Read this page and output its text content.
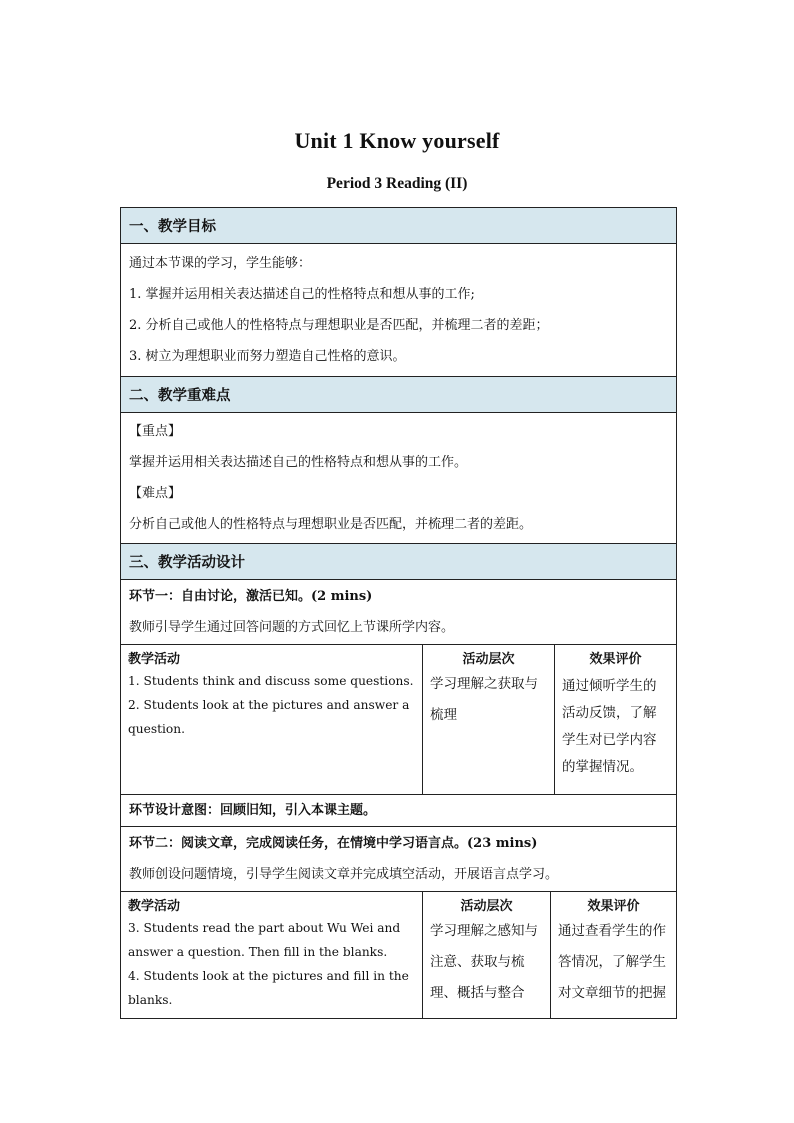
Unit 1 Know yourself
Period 3 Reading (II)
一、教学目标
通过本节课的学习，学生能够：
1. 掌握并运用相关表达描述自己的性格特点和想从事的工作;
2. 分析自己或他人的性格特点与理想职业是否匹配，并梳理二者的差距；
3. 树立为理想职业而努力塑造自己性格的意识。
二、教学重难点
【重点】
掌握并运用相关表达描述自己的性格特点和想从事的工作。
【难点】
分析自己或他人的性格特点与理想职业是否匹配，并梳理二者的差距。
三、教学活动设计
环节一：自由讨论，激活已知。(2 mins)
教师引导学生通过回答问题的方式回忆上节课所学内容。
教学活动
1. Students think and discuss some questions.
2. Students look at the pictures and answer a
question.
活动层次
学习理解之获取与
梳理
效果评价
通过倾听学生的
活动反馈，了解
学生对已学内容
的掌握情况。
环节设计意图：回顾旧知，引入本课主题。
环节二：阅读文章，完成阅读任务，在情境中学习语言点。(23 mins)
教师创设问题情境，引导学生阅读文章并完成填空活动，开展语言点学习。
教学活动
3. Students read the part about Wu Wei and
answer a question. Then fill in the blanks.
4. Students look at the pictures and fill in the
blanks.
活动层次
学习理解之感知与
注意、获取与梳
理、概括与整合
效果评价
通过查看学生的作
答情况，了解学生
对文章细节的把握
